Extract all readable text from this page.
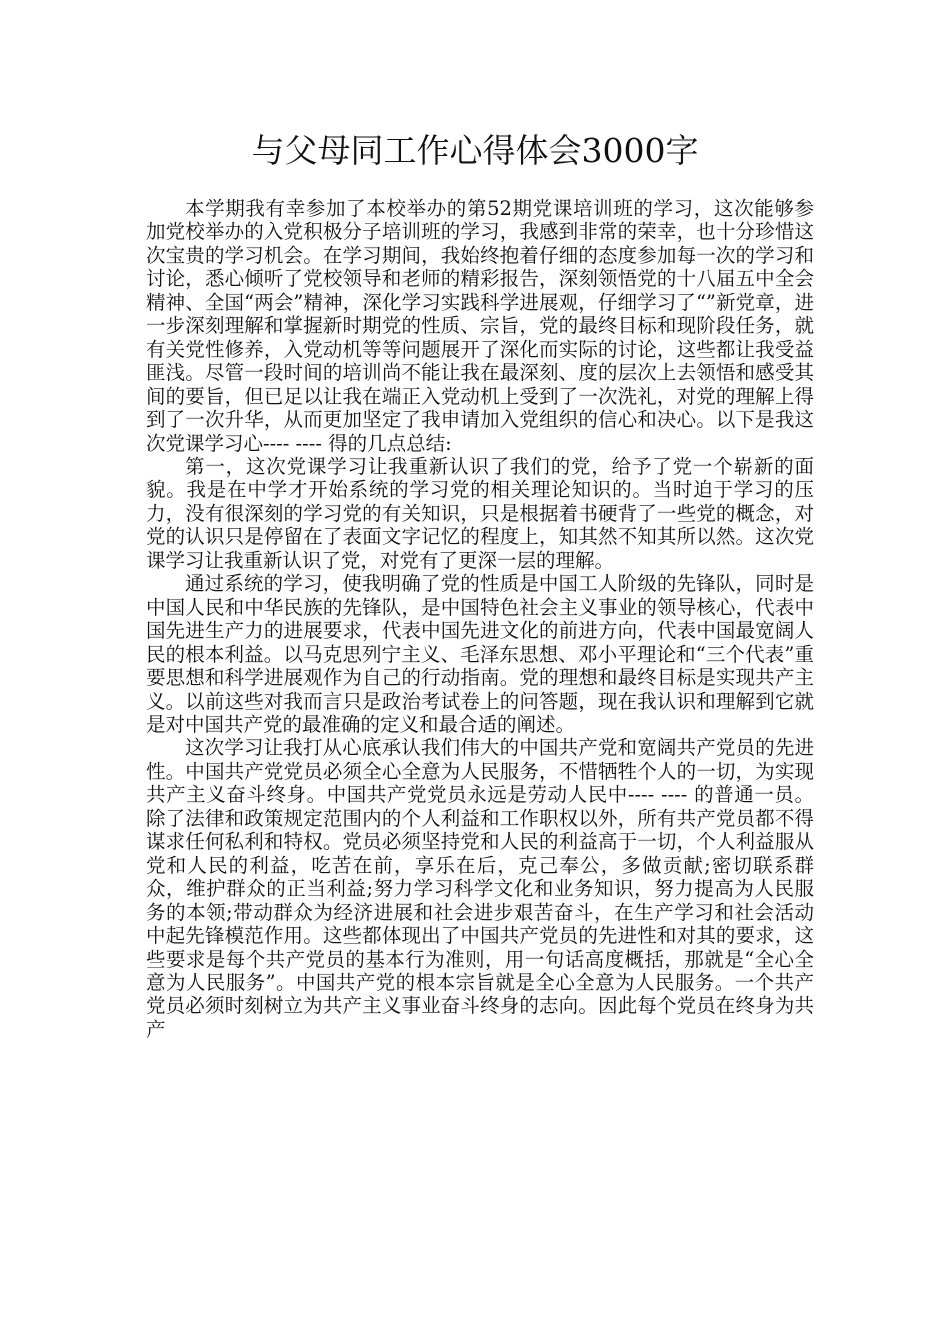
与父母同工作心得体会3000字

本学期我有幸参加了本校举办的第52期党课培训班的学习，这次能够参加党校举办的入党积极分子培训班的学习，我感到非常的荣幸，也十分珍惜这次宝贵的学习机会。在学习期间，我始终抱着仔细的态度参加每一次的学习和讨论，悉心倾听了党校领导和老师的精彩报告，深刻领悟党的十八届五中全会精神、全国“两会”精神，深化学习实践科学进展观，仔细学习了“”新党章，进一步深刻理解和掌握新时期党的性质、宗旨，党的最终目标和现阶段任务，就有关党性修养，入党动机等等问题展开了深化而实际的讨论，这些都让我受益匪浅。尽管一段时间的培训尚不能让我在最深刻、度的层次上去领悟和感受其间的要旨，但已足以让我在端正入党动机上受到了一次洗礼，对党的理解上得到了一次升华，从而更加坚定了我申请加入党组织的信心和决心。以下是我这次党课学习心---- ---- 得的几点总结:

第一，这次党课学习让我重新认识了我们的党，给予了党一个崭新的面貌。我是在中学才开始系统的学习党的相关理论知识的。当时迫于学习的压力，没有很深刻的学习党的有关知识，只是根据着书硬背了一些党的概念，对党的认识只是停留在了表面文字记忆的程度上，知其然不知其所以然。这次党课学习让我重新认识了党，对党有了更深一层的理解。

通过系统的学习，使我明确了党的性质是中国工人阶级的先锋队，同时是中国人民和中华民族的先锋队，是中国特色社会主义事业的领导核心，代表中国先进生产力的进展要求，代表中国先进文化的前进方向，代表中国最宽阔人民的根本利益。以马克思列宁主义、毛泽东思想、邓小平理论和“三个代表”重要思想和科学进展观作为自己的行动指南。党的理想和最终目标是实现共产主义。以前这些对我而言只是政治考试卷上的问答题，现在我认识和理解到它就是对中国共产党的最准确的定义和最合适的阐述。

这次学习让我打从心底承认我们伟大的中国共产党和宽阔共产党员的先进性。中国共产党党员必须全心全意为人民服务，不惜牺牲个人的一切，为实现共产主义奋斗终身。中国共产党党员永远是劳动人民中---- ---- 的普通一员。除了法律和政策规定范围内的个人利益和工作职权以外，所有共产党员都不得谋求任何私利和特权。党员必须坚持党和人民的利益高于一切，个人利益服从党和人民的利益，吃苦在前，享乐在后，克己奉公，多做贡献;密切联系群众，维护群众的正当利益;努力学习科学文化和业务知识，努力提高为人民服务的本领;带动群众为经济进展和社会进步艰苦奋斗，在生产学习和社会活动中起先锋模范作用。这些都体现出了中国共产党员的先进性和对其的要求，这些要求是每个共产党员的基本行为准则，用一句话高度概括，那就是“全心全意为人民服务”。中国共产党的根本宗旨就是全心全意为人民服务。一个共产党员必须时刻树立为共产主义事业奋斗终身的志向。因此每个党员在终身为共产
